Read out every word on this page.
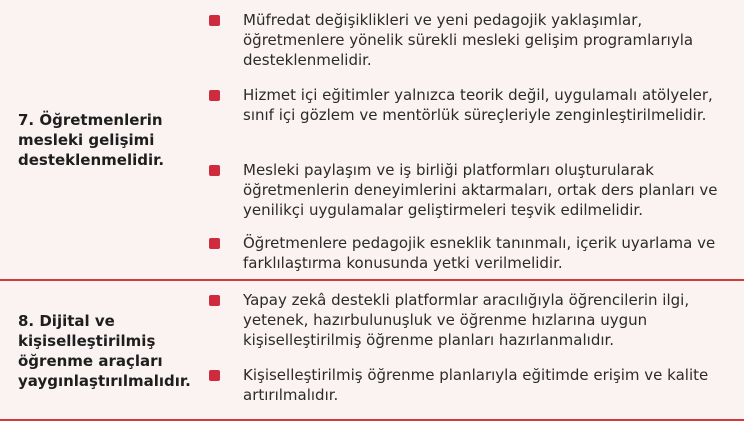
7. Öğretmenlerin mesleki gelişimi desteklenmelidir.
Müfredat değişiklikleri ve yeni pedagojik yaklaşımlar, öğretmenlere yönelik sürekli mesleki gelişim programlarıyla desteklenmelidir.
Hizmet içi eğitimler yalnızca teorik değil, uygulamalı atölyeler, sınıf içi gözlem ve mentörlük süreçleriyle zenginleştirilmelidir.
Mesleki paylaşım ve iş birliği platformları oluşturularak öğretmenlerin deneyimlerini aktarmaları, ortak ders planları ve yenilikçi uygulamalar geliştirmeleri teşvik edilmelidir.
Öğretmenlere pedagojik esneklik tanınmalı, içerik uyarlama ve farklılaştırma konusunda yetki verilmelidir.
8. Dijital ve kişiselleştirilmiş öğrenme araçları yaygınlaştırılmalıdır.
Yapay zekâ destekli platformlar aracılığıyla öğrencilerin ilgi, yetenek, hazırbulunuşluk ve öğrenme hızlarına uygun kişiselleştirilmiş öğrenme planları hazırlanmalıdır.
Kişiselleştirilmiş öğrenme planlarıyla eğitimde erişim ve kalite artırılmalıdır.
